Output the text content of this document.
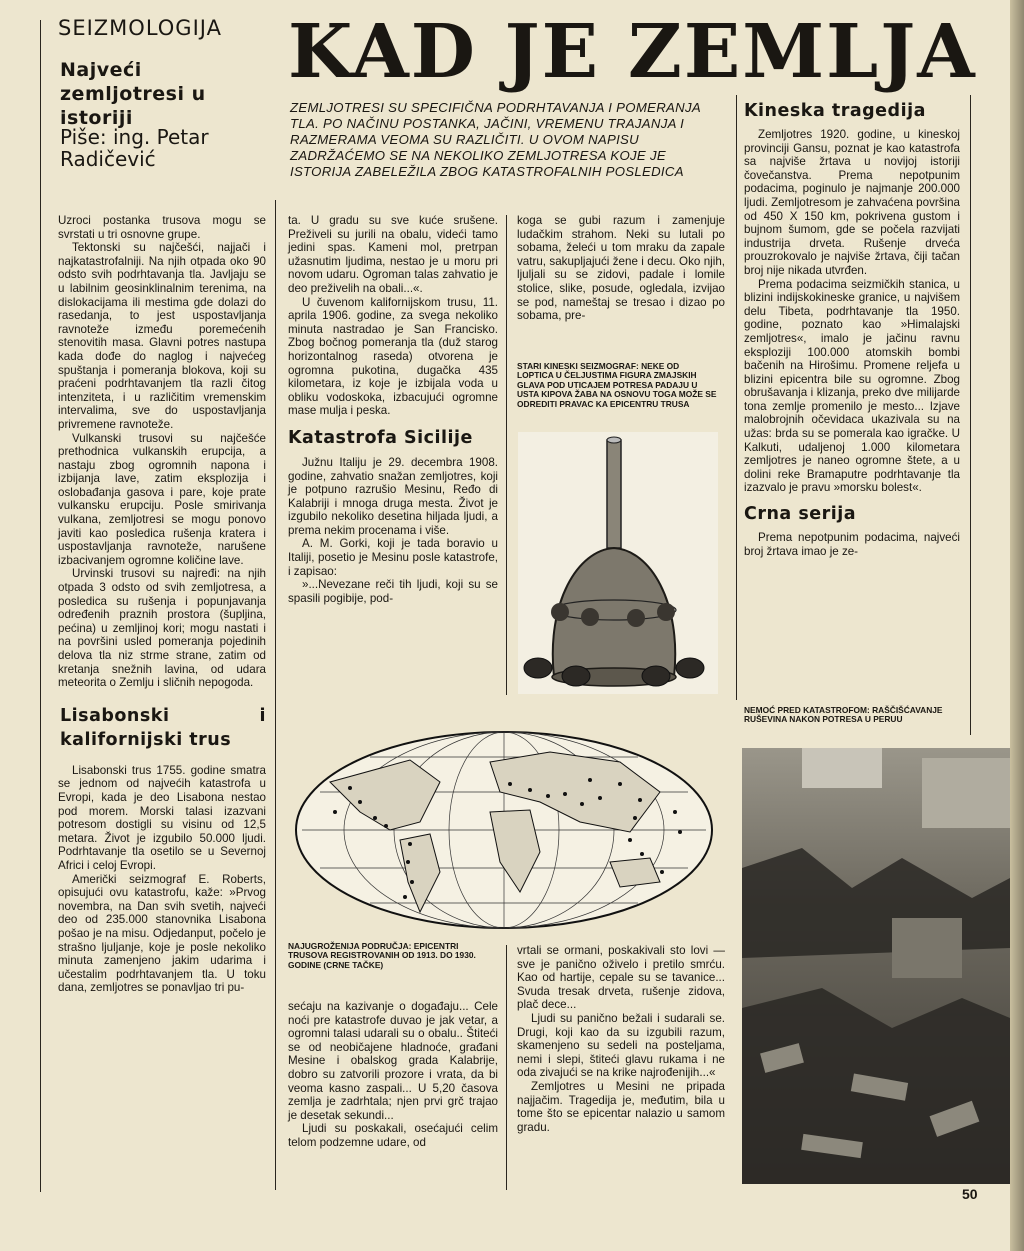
SEIZMOLOGIJA KAD JE ZEMLJA
Najveći zemljotresi u istoriji
Piše: ing. Petar Radičević
ZEMLJOTRESI SU SPECIFIČNA PODRHTAVANJA I POMERANJA TLA. PO NAČINU POSTANKA, JAČINI, VREMENU TRAJANJA I RAZMERAMA VEOMA SU RAZLIČITI. U OVOM NAPISU ZADRŽAĆEMO SE NA NEKOLIKO ZEMLJOTRESA KOJE JE ISTORIJA ZABELEŽILA ZBOG KATASTROFALNIH POSLEDICA

Uzroci postanka trusova mogu se svrstati u tri osnovne grupe.

Tektonski su najčešći, najjači i najkatastrofalniji. Na njih otpada oko 90 odsto svih podrhtavanja tla. Javljaju se u labilnim geosinklinalnim terenima, na dislokacijama ili mestima gde dolazi do rasedanja, to jest uspostavljanja ravnoteže između poremećenih stenovitih masa. Glavni potres nastupa kada dođe do naglog i najvećeg spuštanja i pomeranja blokova, koji su praćeni podrhtavanjem tla razli čitog intenziteta, i u različitim vremenskim intervalima, sve do uspostavljanja privremene ravnoteže.

Vulkanski trusovi su najčešće prethodnica vulkanskih erupcija, a nastaju zbog ogromnih napona i izbijanja lave, zatim eksplozija i oslobađanja gasova i pare, koje prate vulkansku erupciju. Posle smirivanja vulkana, zemljotresi se mogu ponovo javiti kao posledica rušenja kratera i uspostavljanja ravnoteže, narušene izbacivanjem ogromne količine lave.

Urvinski trusovi su najređi: na njih otpada 3 odsto od svih zemljotresa, a posledica su rušenja i popunjavanja određenih praznih prostora (šupljina, pećina) u zemljinoj kori; mogu nastati i na površini usled pomeranja pojedinih delova tla niz strme strane, zatim od kretanja snežnih lavina, od udara meteorita o Zemlju i sličnih nepogoda.

Lisabonski i kalifornijski trus

Lisabonski trus 1755. godine smatra se jednom od najvećih katastrofa u Evropi, kada je deo Lisabona nestao pod morem. Morski talasi izazvani potresom dostigli su visinu od 12,5 metara. Život je izgubilo 50.000 ljudi. Podrhtavanje tla osetilo se u Severnoj Africi i celoj Evropi.

Američki seizmograf E. Roberts, opisujući ovu katastrofu, kaže: »Prvog novembra, na Dan svih svetih, najveći deo od 235.000 stanovnika Lisabona pošao je na misu. Odjedanput, počelo je strašno ljuljanje, koje je posle nekoliko minuta zamenjeno jakim udarima i učestalim podrhtavanjem tla. U toku dana, zemljotres se ponavljao tri pu-

ta. U gradu su sve kuće srušene. Preživeli su jurili na obalu, videći tamo jedini spas. Kameni mol, pretrpan užasnutim ljudima, nestao je u moru pri novom udaru. Ogroman talas zahvatio je deo preživelih na obali...«.

U čuvenom kalifornijskom trusu, 11. aprila 1906. godine, za svega nekoliko minuta nastradao je San Francisko. Zbog bočnog pomeranja tla (duž starog horizontalnog raseda) otvorena je ogromna pukotina, dugačka 435 kilometara, iz koje je izbijala voda u obliku vodoskoka, izbacujući ogromne mase mulja i peska.

Katastrofa Sicilije

Južnu Italiju je 29. decembra 1908. godine, zahvatio snažan zemljotres, koji je potpuno razrušio Mesinu, Ređo di Kalabriji i mnoga druga mesta. Život je izgubilo nekoliko desetina hiljada ljudi, a prema nekim procenama i više.

A. M. Gorki, koji je tada boravio u Italiji, posetio je Mesinu posle katastrofe, i zapisao:

»...Nevezane reči tih ljudi, koji su se spasili pogibije, pod-

koga se gubi razum i zamenjuje ludačkim strahom. Neki su lutali po sobama, želeći u tom mraku da zapale vatru, sakupljajući žene i decu. Oko njih, ljuljali su se zidovi, padale i lomile stolice, slike, posude, ogledala, izvijao se pod, nameštaj se tresao i dizao po sobama, pre-

STARI KINESKI SEIZMOGRAF: NEKE OD LOPTICA U ČELJUSTIMA FIGURA ZMAJSKIH GLAVA POD UTICAJEM POTRESA PADAJU U USTA KIPOVA ŽABA NA OSNOVU TOGA MOŽE SE ODREDITI PRAVAC KA EPICENTRU TRUSA
NAJUGROŽENIJA PODRUČJA: EPICENTRI TRUSOVA REGISTROVANIH OD 1913. DO 1930. GODINE (CRNE TAČKE)

sećaju na kazivanje o događaju... Cele noći pre katastrofe duvao je jak vetar, a ogromni talasi udarali su o obalu.. Štiteći se od neobičajene hladnoće, građani Mesine i obalskog grada Kalabrije, dobro su zatvorili prozore i vrata, da bi veoma kasno zaspali... U 5,20 časova zemlja je zadrhtala; njen prvi grč trajao je desetak sekundi...

Ljudi su poskakali, osećajući celim telom podzemne udare, od

vrtali se ormani, poskakivali sto lovi — sve je panično oživelo i pretilo smrću. Kao od hartije, cepale su se tavanice... Svuda tresak drveta, rušenje zidova, plač dece...

Ljudi su panično bežali i sudarali se. Drugi, koji kao da su izgubili razum, skamenjeno su sedeli na posteljama, nemi i slepi, štiteći glavu rukama i ne oda zivajući se na krike najrođenijih...«

Zemljotres u Mesini ne pripada najjačim. Tragedija je, međutim, bila u tome što se epicentar nalazio u samom gradu.

Kineska tragedija

Zemljotres 1920. godine, u kineskoj provinciji Gansu, poznat je kao katastrofa sa najviše žrtava u novijoj istoriji čovečanstva. Prema nepotpunim podacima, poginulo je najmanje 200.000 ljudi. Zemljotresom je zahvaćena površina od 450 X 150 km, pokrivena gustom i bujnom šumom, gde se počela razvijati industrija drveta. Rušenje drveća prouzrokovalo je najviše žrtava, čiji tačan broj nije nikada utvrđen.

Prema podacima seizmičkih stanica, u blizini indijskokineske granice, u najvišem delu Tibeta, podrhtavanje tla 1950. godine, poznato kao »Himalajski zemljotres«, imalo je jačinu ravnu eksploziji 100.000 atomskih bombi bačenih na Hirošimu. Promene reljefa u blizini epicentra bile su ogromne. Zbog obrušavanja i klizanja, preko dve milijarde tona zemlje promenilo je mesto... Izjave malobrojnih očevidaca ukazivala su na užas: brda su se pomerala kao igračke. U Kalkuti, udaljenoj 1.000 kilometara zemljotres je naneo ogromne štete, a u dolini reke Bramaputre podrhtavanje tla izazvalo je pravu »morsku bolest«.

Crna serija

Prema nepotpunim podacima, najveći broj žrtava imao je ze-

NEMOĆ PRED KATASTROFOM: RAŠČIŠĆAVANJE RUŠEVINA NAKON POTRESA U PERUU
50
